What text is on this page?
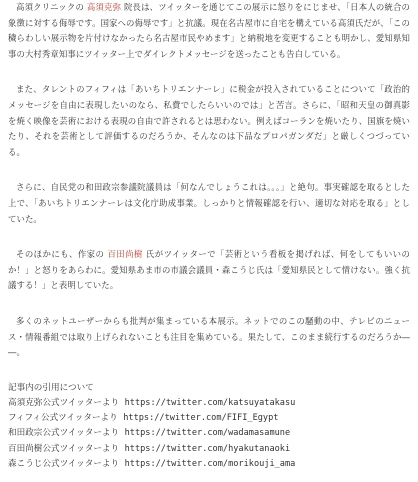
高須クリニックの 高須克弥 院長は、ツイッターを通じてこの展示に怒りをにじませ、「日本人の統合の象徴に対する侮辱です。国家への侮辱です」と抗議。現在名古屋市に自宅を構えている高須氏だが、「この穢らわしい展示物を片付けなかったら名古屋市民やめます」と納税地を変更することも明かし、愛知県知事の大村秀章知事にツイッター上でダイレクトメッセージを送ったことも告白している。

また、タレントのフィフィは「あいちトリエンナーレ」に税金が投入されていることについて「政治的メッセージを自由に表現したいのなら、私費でしたらいいのでは」と苦言。さらに、「昭和天皇の御真影を焼く映像を芸術における表現の自由で許されるとは思わない。例えばコーランを焼いたり、国旗を焼いたり、それを芸術として評価するのだろうか、そんなのは下品なプロパガンダだ」と厳しくつづっている。

さらに、自民党の和田政宗参議院議員は「何なんでしょうこれは。。。」と絶句。事実確認を取るとした上で、「あいちトリエンナーレは文化庁助成事業。しっかりと情報確認を行い、適切な対応を取る」としていた。

そのほかにも、作家の 百田尚樹 氏がツイッターで「芸術という看板を掲げれば、何をしてもいいのか！」と怒りをあらわに。愛知県あま市の市議会議員・森こうじ氏は「愛知県民として情けない。強く抗議する！」と表明していた。

多くのネットユーザーからも批判が集まっている本展示。ネットでのこの騒動の中、テレビのニュース・情報番組では取り上げられないことも注目を集めている。果たして、このまま続行するのだろうか――。

記事内の引用について
高須克弥公式ツイッターより https://twitter.com/katsuyatakasu
フィフィ公式ツイッターより https://twitter.com/FIFI_Egypt
和田政宗公式ツイッターより https://twitter.com/wadamasamune
百田尚樹公式ツイッターより https://twitter.com/hyakutanaoki
森こうじ公式ツイッターより https://twitter.com/morikouji_ama
